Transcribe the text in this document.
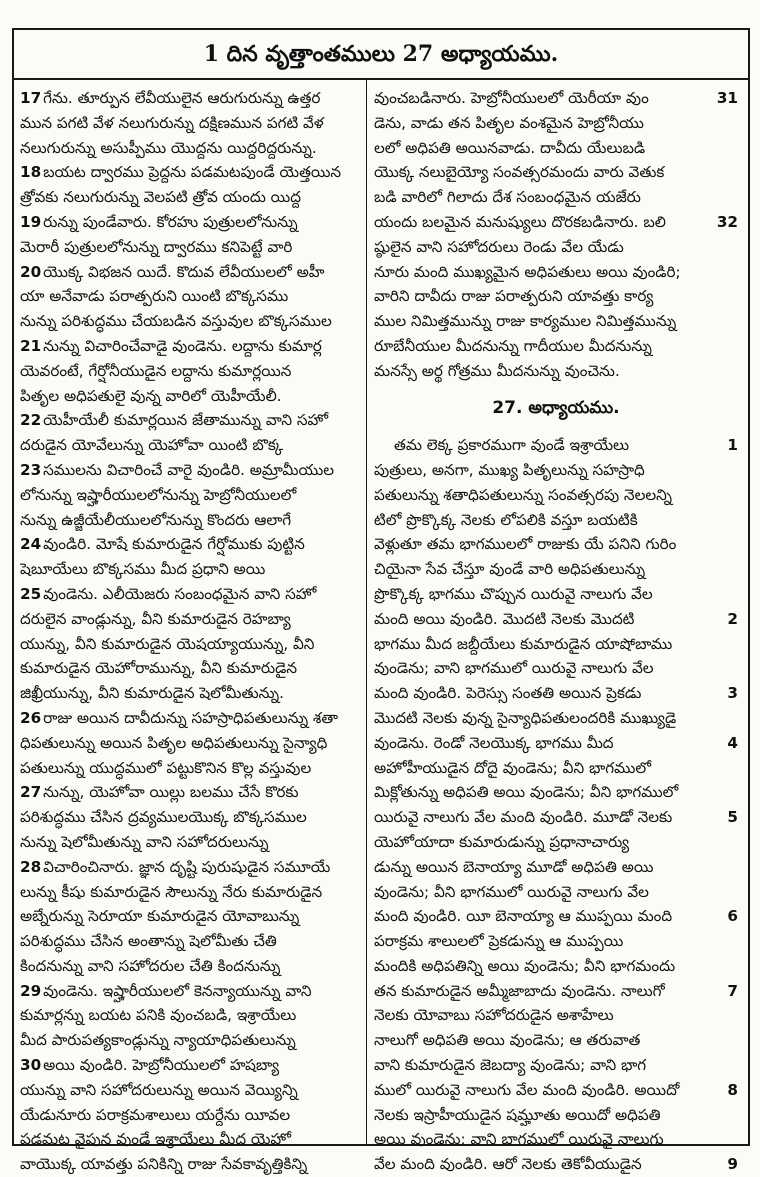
1 దిన వృత్తాంతములు 27 అధ్యాయము.
17 గేను. తూర్పున లేవీయులైన ఆరుగురున్ను ఉత్తర
మున పగటి వేళ నలుగురున్ను దక్షిణమున పగటి వేళ
నలుగురున్ను అసుప్పీము యొద్దను యిద్దరిద్దరున్ను.
18 బయట ద్వారము ప్రెద్దను పడమటపుండే యెత్తయిన
త్రోవకు నలుగురున్ను వెలపటి త్రోవ యందు యిద్ద
19 రున్ను పుండేవారు. కోరహు పుత్రులలోనున్ను
మెరారీ పుత్రులలోనున్ను ద్వారము కనిపెట్టే వారి
20 యొక్క విభజన యిదే. కొదువ లేవీయులలో అహీ
యా అనేవాడు పరాత్పరుని యింటి బొక్కసము
నున్ను పరిశుద్ధము చేయబడిన వస్తువుల బొక్కసముల
21 నున్ను విచారించేవాడై వుండెను. లద్దాను కుమార్ల
యెవరంటే, గేర్షోనీయుడైన లద్దాను కుమార్లయిన
పితృల అధిపతులై వున్న వారిలో యెహీయేలీ.
22 యెహీయేలీ కుమార్లయిన జేతామున్ను వాని సహో
దరుడైన యోవేలున్ను యెహోవా యింటి బొక్క
23 సములను విచారించే వారై వుండిరి. అమ్రామీయుల
లోనున్ను ఇష్హారీయులలోనున్ను హెబ్రోనీయులలో
నున్ను ఉజ్జీయేలీయులలోనున్ను కొందరు ఆలాగే
24 వుండిరి. మోషే కుమారుడైన గేర్షోముకు పుట్టిన
షెబూయేలు బొక్కసము మీద ప్రధాని అయి
25 వుండెను. ఎలీయెజరు సంబంధమైన వాని సహో
దరులైన వాండ్లున్ను, వీని కుమారుడైన రెహబ్యా
యున్ను, వీని కుమారుడైన యెషయ్యాయున్ను, వీని
కుమారుడైన యెహోరామున్ను, వీని కుమారుడైన
జిఖ్రీయున్ను, వీని కుమారుడైన షెలోమీతున్ను.
26 రాజు అయిన దావీదున్ను సహస్రాధిపతులున్ను శతా
ధిపతులున్ను అయిన పితృల అధిపతులున్ను సైన్యాధి
పతులున్ను యుద్ధములో పట్టుకొనిన కొల్ల వస్తువుల
27 నున్ను, యెహోవా యిల్లు బలము చేసే కొరకు
పరిశుద్ధము చేసిన ద్రవ్యములయొక్క బొక్కసముల
నున్ను షెలోమీతున్ను వాని సహోదరులున్ను
28 విచారించినారు. జ్ఞాన దృష్టి పురుషుడైన సమూయే
లున్ను కీషు కుమారుడైన సౌలున్ను నేరు కుమారుడైన
అబ్నేరున్ను సెరూయా కుమారుడైన యోవాబున్ను
పరిశుద్ధము చేసిన అంతాన్ను షెలోమీతు చేతి
కిందనున్ను వాని సహోదరుల చేతి కిందనున్ను
29 వుండెను. ఇష్హారీయులలో కెనన్యాయున్ను వాని
కుమార్లన్ను బయట పనికి వుంచబడి, ఇశ్రాయేలు
మీద పారుపత్యకాండ్లున్ను న్యాయాధిపతులున్ను
30 అయి వుండిరి. హెబ్రోనీయులలో హషబ్యా
యున్ను వాని సహోదరులున్ను అయిన వెయ్యిన్ని
యేడునూరు పరాక్రమశాలులు యర్దేను యీవల
పడమట వైపున వుండే ఇశ్రాయేలు మీద యెహో
వాయొక్క యావత్తు పనికిన్ని రాజు సేవకావృత్తికిన్ని
వుంచబడినారు. హెబ్రోనీయులలో యెరీయా వుం	31
డెను, వాడు తన పితృల వంశమైన హెబ్రోనీయు
లలో అధిపతి అయినవాడు. దావీదు యేలుబడి
యొక్క నలుబైయ్యో సంవత్సరమందు వారు వెతుక
బడి వారిలో గిలాదు దేశ సంబంధమైన యజేరు
యందు బలమైన మనుష్యులు దొరకబడినారు. బలి	32
ష్ఠులైన వాని సహోదరులు రెండు వేల యేడు
నూరు మంది ముఖ్యమైన అధిపతులు అయి వుండిరి;
వారిని దావీదు రాజు పరాత్పరుని యావత్తు కార్య
ముల నిమిత్తమున్ను రాజు కార్యముల నిమిత్తమున్ను
రూబేనీయుల మీదనున్ను గాదీయుల మీదనున్ను
మనస్సే అర్థ గోత్రము మీదనున్ను వుంచెను.
27. అధ్యాయము.
తమ లెక్క ప్రకారముగా వుండే ఇశ్రాయేలు	1
పుత్రులు, అనగా, ముఖ్య పితృలున్ను సహస్రాధి
పతులున్ను శతాధిపతులున్ను సంవత్సరపు నెలలన్ని
టిలో ప్రొక్కొక్క నెలకు లోపలికి వస్తూ బయటికి
వెళ్లుతూ తమ భాగములలో రాజుకు యే పనిని గురిం
చియైనా సేవ చేస్తూ వుండే వారి అధిపతులున్ను
ప్రొక్కొక్క భాగము చొప్పున యిరువై నాలుగు వేల
మంది అయి వుండిరి. మొదటి నెలకు మొదటి	2
భాగము మీద జబ్దీయేలు కుమారుడైన యాషోబాము
వుండెను; వాని భాగములో యిరువై నాలుగు వేల
మంది వుండిరి. పెరెస్సు సంతతి అయిన ప్రెకడు	3
మొదటి నెలకు వున్న సైన్యాధిపతులందరికి ముఖ్యుడై
వుండెను. రెండో నెలయొక్క భాగము మీద	4
అహోహీయుడైన దోదై వుండెను; వీని భాగములో
మిక్లోతున్ను అధిపతి అయి వుండెను; వీని భాగములో
యిరువై నాలుగు వేల మంది వుండిరి. మూడో నెలకు	5
యెహోయాదా కుమారుడున్ను ప్రధానాచార్యు
డున్ను అయిన బెనాయ్యా మూడో అధిపతి అయి
వుండెను; వీని భాగములో యిరువై నాలుగు వేల
మంది వుండిరి. యీ బెనాయ్యా ఆ ముప్పయి మంది	6
పరాక్రమ శాలులలో ప్రెకడున్ను ఆ ముప్పయి
మందికి అధిపతిన్ని అయి వుండెను; వీని భాగమందు
తన కుమారుడైన అమ్మీజాబాదు వుండెను. నాలుగో	7
నెలకు యోవాబు సహోదరుడైన అశాహేలు
నాలుగో అధిపతి అయి వుండెను; ఆ తరువాత
వాని కుమారుడైన జెబద్యా వుండెను; వాని భాగ
ములో యిరువై నాలుగు వేల మంది వుండిరి. అయిదో	8
నెలకు ఇస్రాహీయుడైన షమ్హూతు అయిదో అధిపతి
అయి వుండెను; వాని భాగములో యిరువై నాలుగు
వేల మంది వుండిరి. ఆరో నెలకు తెకోవీయుడైన	9
